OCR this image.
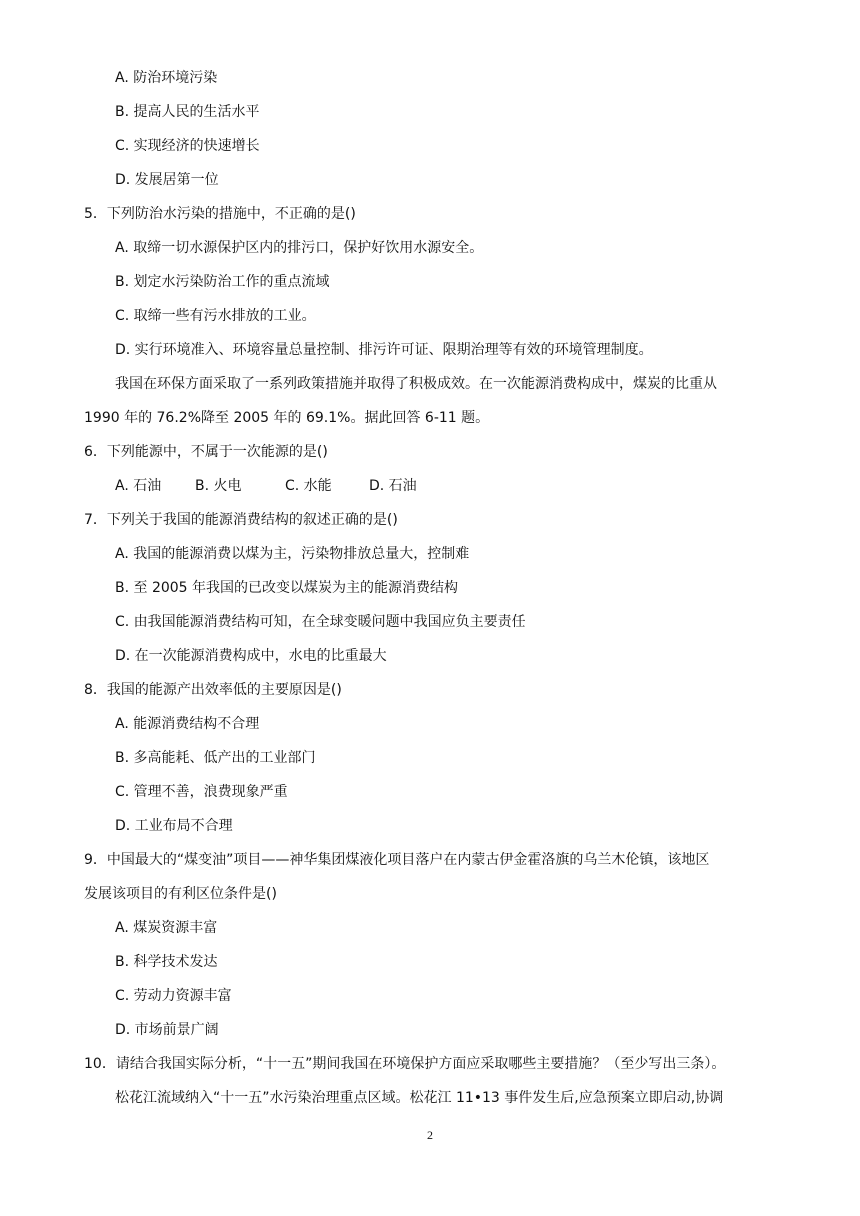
A. 防治环境污染
B. 提高人民的生活水平
C. 实现经济的快速增长
D. 发展居第一位
5．下列防治水污染的措施中，不正确的是()
A. 取缔一切水源保护区内的排污口，保护好饮用水源安全。
B. 划定水污染防治工作的重点流域
C. 取缔一些有污水排放的工业。
D. 实行环境准入、环境容量总量控制、排污许可证、限期治理等有效的环境管理制度。
我国在环保方面采取了一系列政策措施并取得了积极成效。在一次能源消费构成中，煤炭的比重从
1990 年的 76.2%降至 2005 年的 69.1%。据此回答 6-11 题。
6．下列能源中，不属于一次能源的是()
A. 石油 B. 火电	C. 水能	D. 石油
7．下列关于我国的能源消费结构的叙述正确的是()
A. 我国的能源消费以煤为主，污染物排放总量大，控制难
B. 至 2005 年我国的已改变以煤炭为主的能源消费结构
C. 由我国能源消费结构可知，在全球变暖问题中我国应负主要责任
D. 在一次能源消费构成中，水电的比重最大
8．我国的能源产出效率低的主要原因是()
A. 能源消费结构不合理
B. 多高能耗、低产出的工业部门
C. 管理不善，浪费现象严重
D. 工业布局不合理
9．中国最大的“煤变油”项目——神华集团煤液化项目落户在内蒙古伊金霍洛旗的乌兰木伦镇，该地区
发展该项目的有利区位条件是()
A. 煤炭资源丰富
B. 科学技术发达
C. 劳动力资源丰富
D. 市场前景广阔
10．请结合我国实际分析，“十一五”期间我国在环境保护方面应采取哪些主要措施？（至少写出三条）。
松花江流域纳入“十一五”水污染治理重点区域。松花江 11•13 事件发生后,应急预案立即启动,协调
2
